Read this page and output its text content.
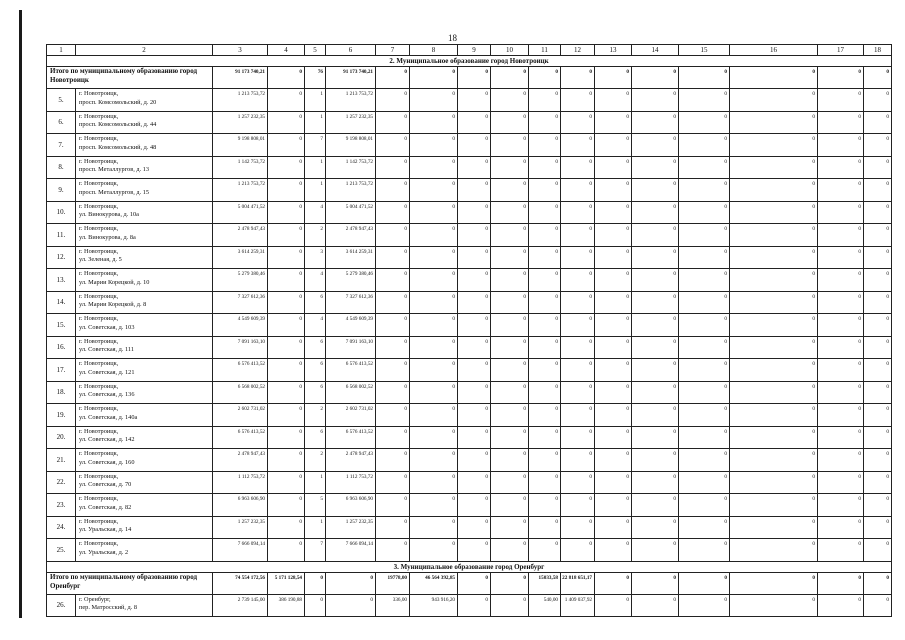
18
1	2	3	4	5	6	7	8	9	10	11	12	13	14	15	16	17	18
2. Муниципальное образование город Новотроицк																	
Итого по муниципальному образованию город Новотроицк		91 173 740,21	0	76	91 173 740,21	0	0	0	0	0	0	0	0	0	0	0	0
5.	г. Новотроицк,
просп. Комсомольский, д. 20	1 213 753,72	0	1	1 213 753,72	0	0	0	0	0	0	0	0	0	0	0	0
6.	г. Новотроицк,
просп. Комсомольский, д. 44	1 257 232,35	0	1	1 257 232,35	0	0	0	0	0	0	0	0	0	0	0	0
7.	г. Новотроицк,
просп. Комсомольский, д. 48	9 198 808,01	0	7	9 198 808,01	0	0	0	0	0	0	0	0	0	0	0	0
8.	г. Новотроицк,
просп. Металлургов, д. 13	1 142 753,72	0	1	1 142 753,72	0	0	0	0	0	0	0	0	0	0	0	0
9.	г. Новотроицк,
просп. Металлургов, д. 15	1 213 753,72	0	1	1 213 753,72	0	0	0	0	0	0	0	0	0	0	0	0
10.	г. Новотроицк,
ул. Винокурова, д. 10а	5 004 471,52	0	4	5 004 471,52	0	0	0	0	0	0	0	0	0	0	0	0
11.	г. Новотроицк,
ул. Винокурова, д. 8а	2 478 947,43	0	2	2 478 947,43	0	0	0	0	0	0	0	0	0	0	0	0
12.	г. Новотроицк,
ул. Зеленая, д. 5	3 614 259,31	0	3	3 614 259,31	0	0	0	0	0	0	0	0	0	0	0	0
13.	г. Новотроицк,
ул. Марии Корецкой, д. 10	5 279 380,46	0	4	5 279 380,46	0	0	0	0	0	0	0	0	0	0	0	0
14.	г. Новотроицк,
ул. Марии Корецкой, д. 8	7 327 612,36	0	6	7 327 612,36	0	0	0	0	0	0	0	0	0	0	0	0
15.	г. Новотроицк,
ул. Советская, д. 103	4 549 609,39	0	4	4 549 609,39	0	0	0	0	0	0	0	0	0	0	0	0
16.	г. Новотроицк,
ул. Советская, д. 111	7 091 163,10	0	6	7 091 163,10	0	0	0	0	0	0	0	0	0	0	0	0
17.	г. Новотроицк,
ул. Советская, д. 121	6 576 413,52	0	6	6 576 413,52	0	0	0	0	0	0	0	0	0	0	0	0
18.	г. Новотроицк,
ул. Советская, д. 136	6 568 002,52	0	6	6 568 002,52	0	0	0	0	0	0	0	0	0	0	0	0
19.	г. Новотроицк,
ул. Советская, д. 140а	2 602 731,02	0	2	2 602 731,02	0	0	0	0	0	0	0	0	0	0	0	0
20.	г. Новотроицк,
ул. Советская, д. 142	6 576 413,52	0	6	6 576 413,52	0	0	0	0	0	0	0	0	0	0	0	0
21.	г. Новотроицк,
ул. Советская, д. 160	2 478 947,43	0	2	2 478 947,43	0	0	0	0	0	0	0	0	0	0	0	0
22.	г. Новотроицк,
ул. Советская, д. 70	1 112 753,72	0	1	1 112 753,72	0	0	0	0	0	0	0	0	0	0	0	0
23.	г. Новотроицк,
ул. Советская, д. 82	6 963 606,90	0	5	6 963 606,90	0	0	0	0	0	0	0	0	0	0	0	0
24.	г. Новотроицк,
ул. Уральская, д. 14	1 257 232,35	0	1	1 257 232,35	0	0	0	0	0	0	0	0	0	0	0	0
25.	г. Новотроицк,
ул. Уральская, д. 2	7 666 094,14	0	7	7 666 094,14	0	0	0	0	0	0	0	0	0	0	0	0
3. Муниципальное образование город Оренбург																	
Итого по муниципальному образованию город Оренбург		74 554 172,56	5 171 128,54	0	0	19778,00	46 564 392,85	0	0	15033,58	22 818 651,17	0	0	0	0	0	0
26.	г. Оренбург,
пер. Матросский, д. 8	2 739 145,00	386 190,88	0	0	336,00	943 916,20	0	0	540,00	1 409 037,92	0	0	0	0	0	0
